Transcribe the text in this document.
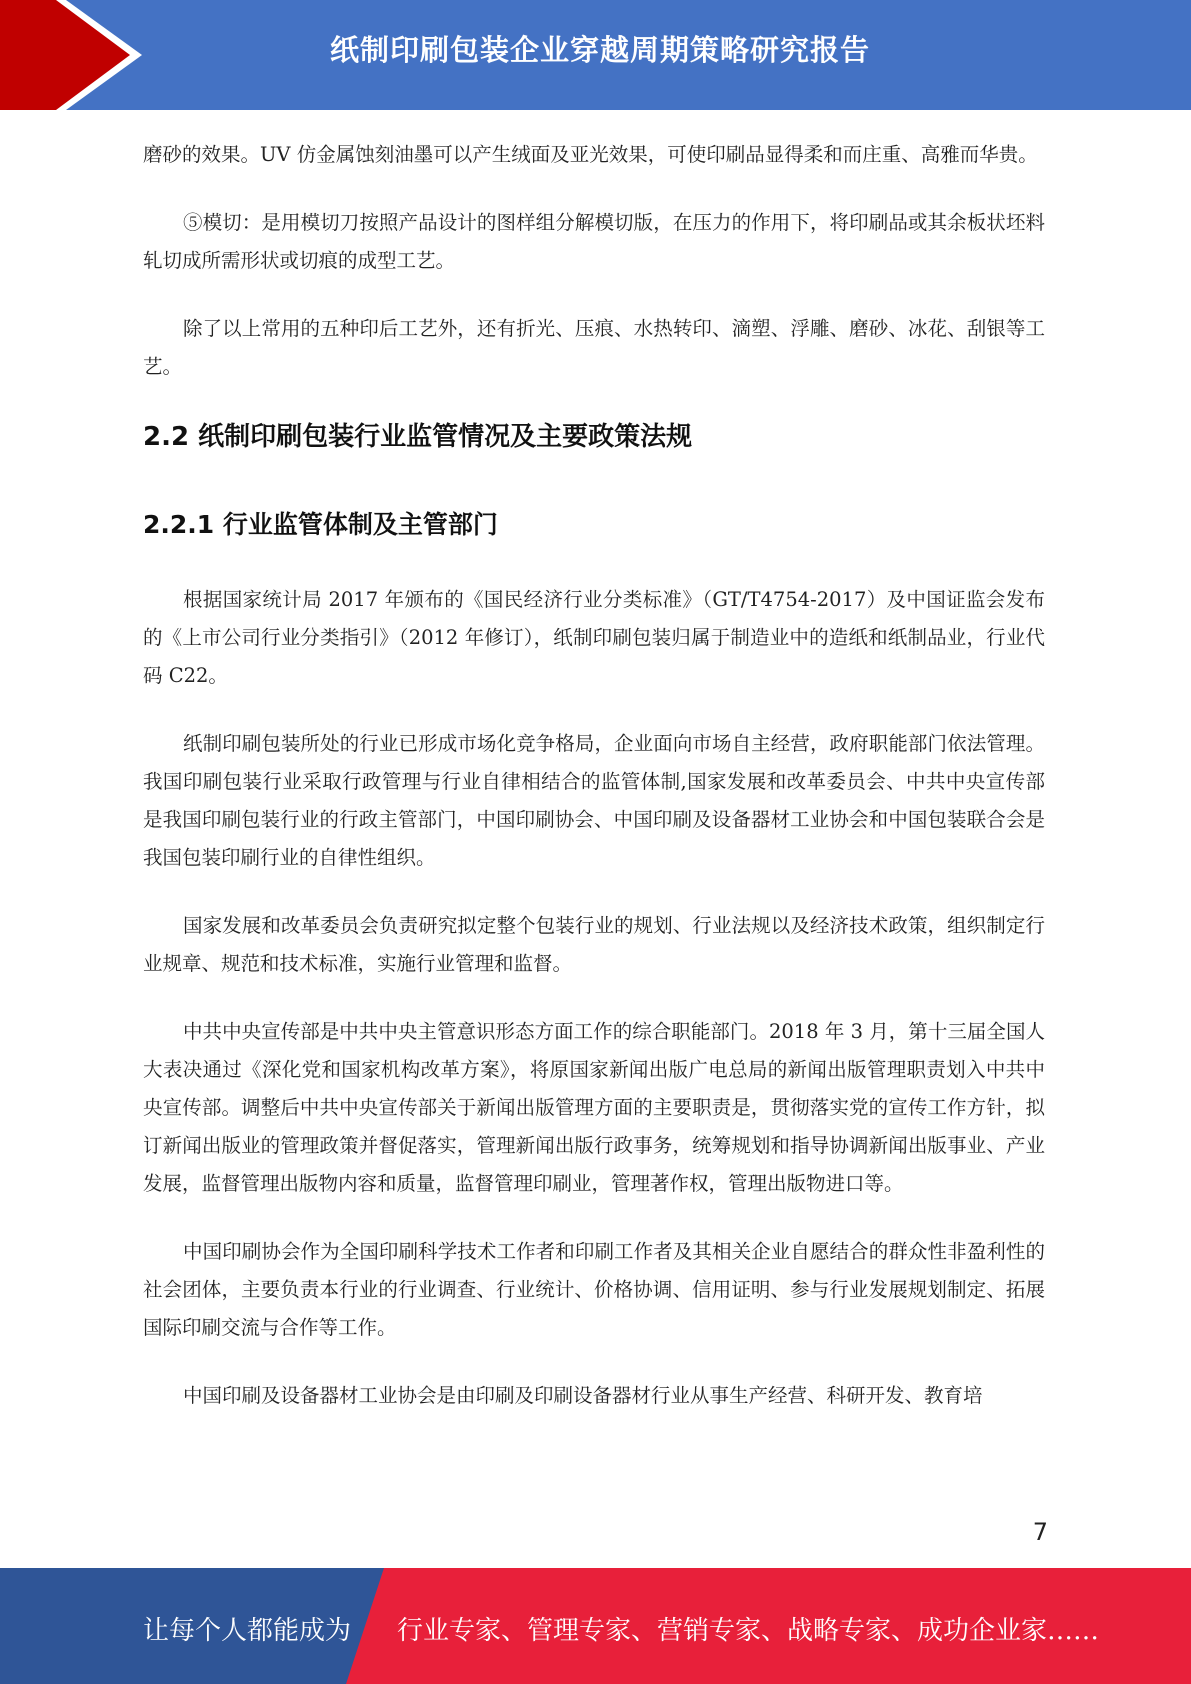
纸制印刷包装企业穿越周期策略研究报告

磨砂的效果。UV 仿金属蚀刻油墨可以产生绒面及亚光效果，可使印刷品显得柔和而庄重、高雅而华贵。

⑤模切：是用模切刀按照产品设计的图样组分解模切版，在压力的作用下，将印刷品或其余板状坯料轧切成所需形状或切痕的成型工艺。

除了以上常用的五种印后工艺外，还有折光、压痕、水热转印、滴塑、浮雕、磨砂、冰花、刮银等工艺。

2.2 纸制印刷包装行业监管情况及主要政策法规
2.2.1 行业监管体制及主管部门

根据国家统计局 2017 年颁布的《国民经济行业分类标准》（GT/T4754-2017）及中国证监会发布的《上市公司行业分类指引》（2012 年修订），纸制印刷包装归属于制造业中的造纸和纸制品业，行业代码 C22。

纸制印刷包装所处的行业已形成市场化竞争格局，企业面向市场自主经营，政府职能部门依法管理。我国印刷包装行业采取行政管理与行业自律相结合的监管体制,国家发展和改革委员会、中共中央宣传部是我国印刷包装行业的行政主管部门，中国印刷协会、中国印刷及设备器材工业协会和中国包装联合会是我国包装印刷行业的自律性组织。

国家发展和改革委员会负责研究拟定整个包装行业的规划、行业法规以及经济技术政策，组织制定行业规章、规范和技术标准，实施行业管理和监督。

中共中央宣传部是中共中央主管意识形态方面工作的综合职能部门。2018 年 3 月，第十三届全国人大表决通过《深化党和国家机构改革方案》，将原国家新闻出版广电总局的新闻出版管理职责划入中共中央宣传部。调整后中共中央宣传部关于新闻出版管理方面的主要职责是，贯彻落实党的宣传工作方针，拟订新闻出版业的管理政策并督促落实，管理新闻出版行政事务，统筹规划和指导协调新闻出版事业、产业发展，监督管理出版物内容和质量，监督管理印刷业，管理著作权，管理出版物进口等。

中国印刷协会作为全国印刷科学技术工作者和印刷工作者及其相关企业自愿结合的群众性非盈利性的社会团体，主要负责本行业的行业调查、行业统计、价格协调、信用证明、参与行业发展规划制定、拓展国际印刷交流与合作等工作。

中国印刷及设备器材工业协会是由印刷及印刷设备器材行业从事生产经营、科研开发、教育培

7
让每个人都能成为 行业专家、管理专家、营销专家、战略专家、成功企业家……
